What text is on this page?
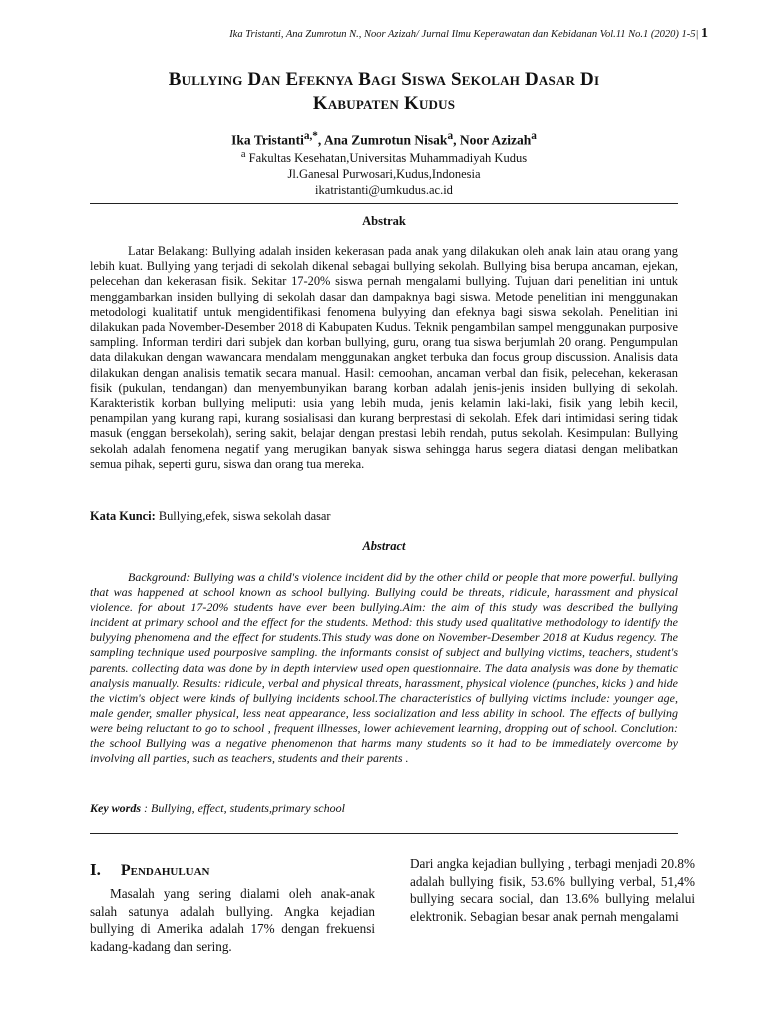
Ika Tristanti, Ana Zumrotun N., Noor Azizah/ Jurnal Ilmu Keperawatan dan Kebidanan Vol.11 No.1 (2020) 1-5| 1
Bullying Dan Efeknya Bagi Siswa Sekolah Dasar Di
Kabupaten Kudus
Ika Tristanti$^{a,*}$, Ana Zumrotun Nisak$^a$, Noor Azizah$^a$
$^a$ Fakultas Kesehatan,Universitas Muhammadiyah Kudus
Jl.Ganesal Purwosari,Kudus,Indonesia
ikatristanti@umkudus.ac.id
Abstrak
Latar Belakang: Bullying adalah insiden kekerasan pada anak yang dilakukan oleh anak lain atau orang yang lebih kuat. Bullying yang terjadi di sekolah dikenal sebagai bullying sekolah. Bullying bisa berupa ancaman, ejekan, pelecehan dan kekerasan fisik. Sekitar 17-20% siswa pernah mengalami bullying. Tujuan dari penelitian ini untuk menggambarkan insiden bullying di sekolah dasar dan dampaknya bagi siswa. Metode penelitian ini menggunakan metodologi kualitatif untuk mengidentifikasi fenomena bulyying dan efeknya bagi siswa sekolah. Penelitian ini dilakukan pada November-Desember 2018 di Kabupaten Kudus. Teknik pengambilan sampel menggunakan purposive sampling. Informan terdiri dari subjek dan korban bullying, guru, orang tua siswa berjumlah 20 orang. Pengumpulan data dilakukan dengan wawancara mendalam menggunakan angket terbuka dan focus group discussion. Analisis data dilakukan dengan analisis tematik secara manual. Hasil: cemoohan, ancaman verbal dan fisik, pelecehan, kekerasan fisik (pukulan, tendangan) dan menyembunyikan barang korban adalah jenis-jenis insiden bullying di sekolah. Karakteristik korban bullying meliputi: usia yang lebih muda, jenis kelamin laki-laki, fisik yang lebih kecil, penampilan yang kurang rapi, kurang sosialisasi dan kurang berprestasi di sekolah. Efek dari intimidasi sering tidak masuk (enggan bersekolah), sering sakit, belajar dengan prestasi lebih rendah, putus sekolah. Kesimpulan: Bullying sekolah adalah fenomena negatif yang merugikan banyak siswa sehingga harus segera diatasi dengan melibatkan semua pihak, seperti guru, siswa dan orang tua mereka.
Kata Kunci: Bullying,efek, siswa sekolah dasar
Abstract
Background: Bullying was a child's violence incident did by the other child or people that more powerful. bullying that was happened at school known as school bullying. Bullying could be threats, ridicule, harassment and physical violence. for about 17-20% students have ever been bullying.Aim: the aim of this study was described the bullying incident at primary school and the effect for the students. Method: this study used qualitative methodology to identify the bulyying phenomena and the effect for students.This study was done on November-Desember 2018 at Kudus regency. The sampling technique used pourposive sampling. the informants consist of subject and bullying victims, teachers, student's parents. collecting data was done by in depth interview used open questionnaire. The data analysis was done by thematic analysis manually. Results: ridicule, verbal and physical threats, harassment, physical violence (punches, kicks ) and hide the victim's object were kinds of bullying incidents school.The characteristics of bullying victims include: younger age, male gender, smaller physical, less neat appearance, less socialization and less ability in school. The effects of bullying were being reluctant to go to school , frequent illnesses, lower achievement learning, dropping out of school. Conclution: the school Bullying was a negative phenomenon that harms many students so it had to be immediately overcome by involving all parties, such as teachers, students and their parents .
Key words : Bullying, effect, students,primary school
I. Pendahuluan
Masalah yang sering dialami oleh anak-anak salah satunya adalah bullying. Angka kejadian bullying di Amerika adalah 17% dengan frekuensi kadang-kadang dan sering.
Dari angka kejadian bullying , terbagi menjadi 20.8% adalah bullying fisik, 53.6% bullying verbal, 51,4% bullying secara social, dan 13.6% bullying melalui elektronik. Sebagian besar anak pernah mengalami
